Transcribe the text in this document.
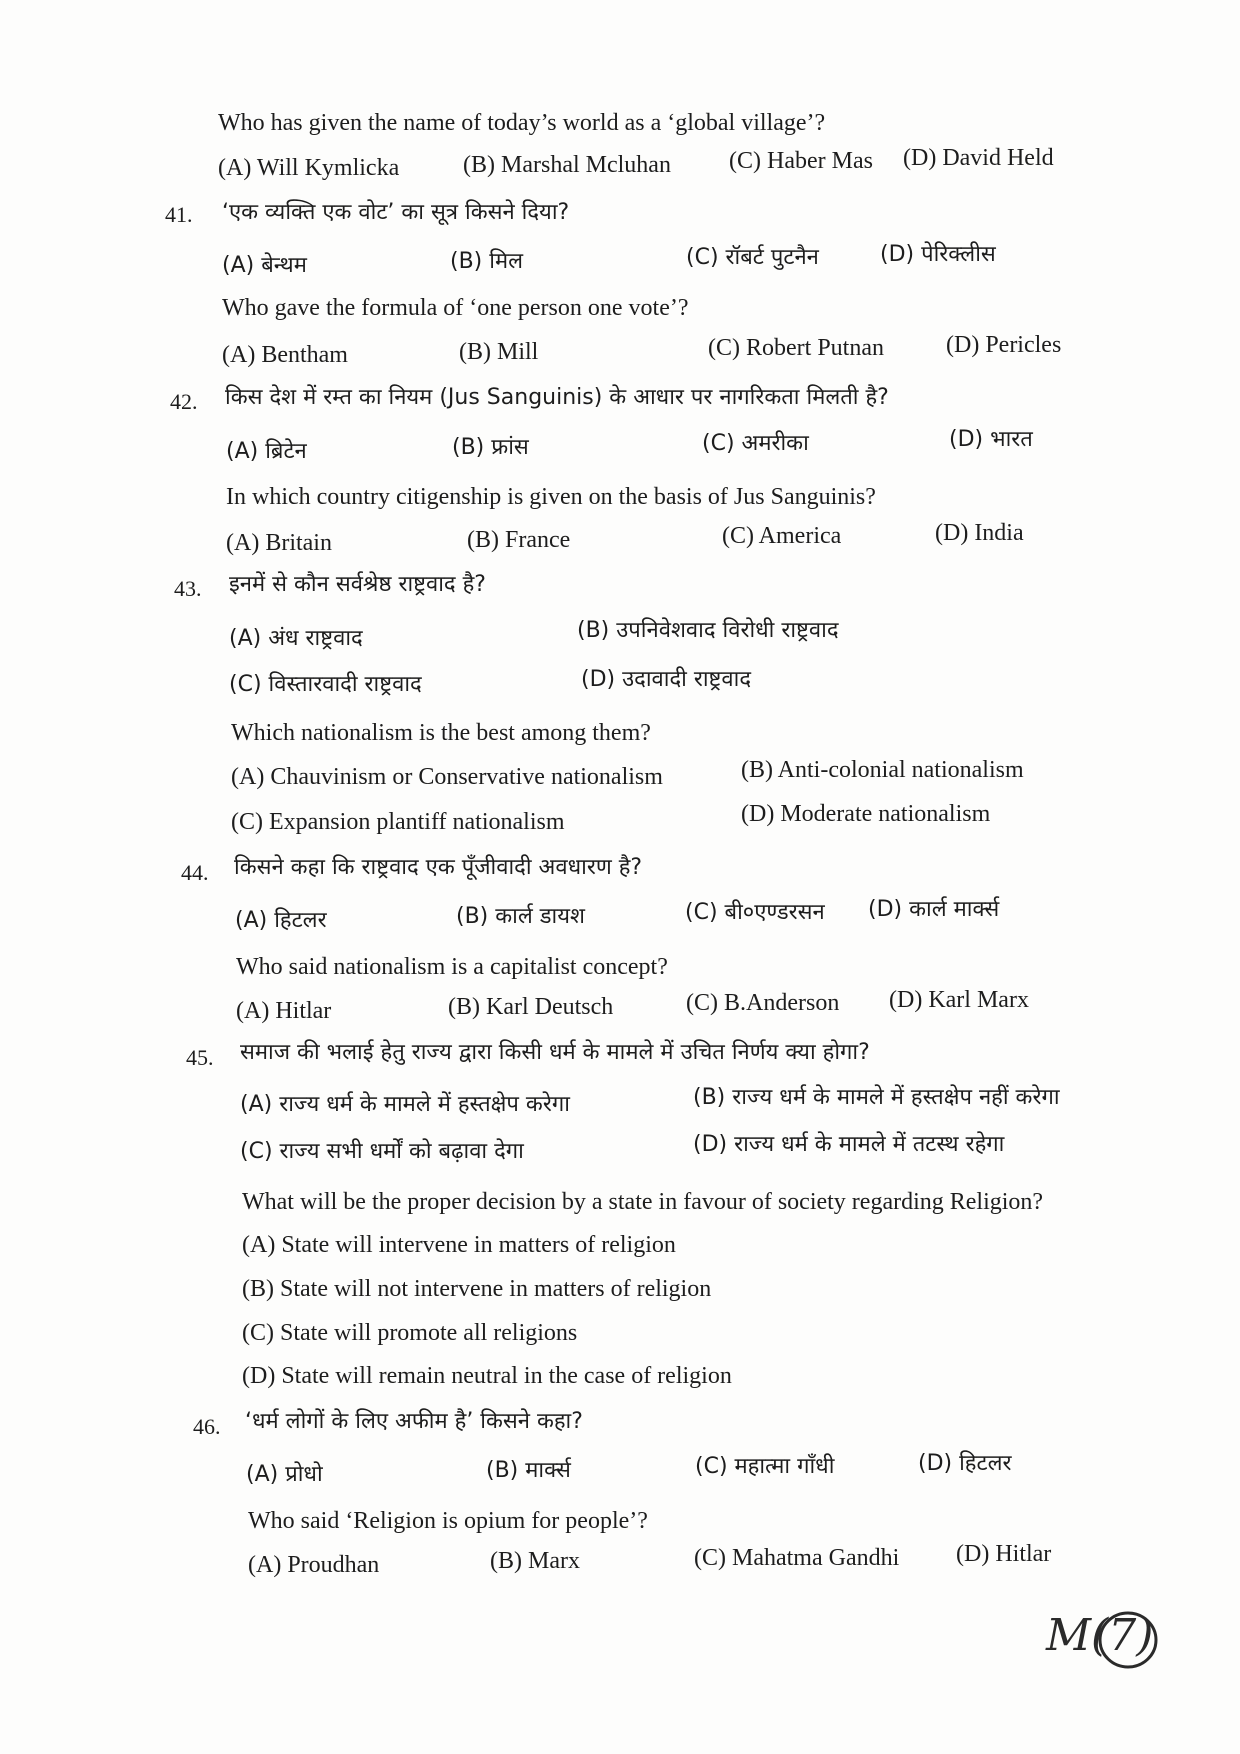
Who has given the name of today’s world as a ‘global village’?
(A) Will Kymlicka	(B) Marshal Mcluhan (C) Haber Mas (D) David Held
41. ‘एक व्यक्ति एक वोट’ का सूत्र किसने दिया?
(A) बेन्थम	(B) मिल	(C) रॉबर्ट पुटनैन	(D) पेरिक्लीस
Who gave the formula of ‘one person one vote’?
(A) Bentham	(B) Mill	(C) Robert Putnan	(D) Pericles
42. किस देश में रम्त का नियम (Jus Sanguinis) के आधार पर नागरिकता मिलती है?
(A) ब्रिटेन	(B) फ्रांस	(C) अमरीका	(D) भारत
In which country citigenship is given on the basis of Jus Sanguinis?
(A) Britain	(B) France	(C) America	(D) India
43. इनमें से कौन सर्वश्रेष्ठ राष्ट्रवाद है?
(A) अंध राष्ट्रवाद	(B) उपनिवेशवाद विरोधी राष्ट्रवाद
(C) विस्तारवादी राष्ट्रवाद	(D) उदावादी राष्ट्रवाद
Which nationalism is the best among them?
(A) Chauvinism or Conservative nationalism	(B) Anti-colonial nationalism
(C) Expansion plantiff nationalism	(D) Moderate nationalism
44. किसने कहा कि राष्ट्रवाद एक पूँजीवादी अवधारण है?
(A) हिटलर	(B) कार्ल डायश	(C) बी०एण्डरसन (D) कार्ल मार्क्स
Who said nationalism is a capitalist concept?
(A) Hitlar	(B) Karl Deutsch	(C) B.Anderson (D) Karl Marx
45. समाज की भलाई हेतु राज्य द्वारा किसी धर्म के मामले में उचित निर्णय क्या होगा?
(A) राज्य धर्म के मामले में हस्तक्षेप करेगा	(B) राज्य धर्म के मामले में हस्तक्षेप नहीं करेगा
(C) राज्य सभी धर्मों को बढ़ावा देगा	(D) राज्य धर्म के मामले में तटस्थ रहेगा
What will be the proper decision by a state in favour of society regarding Religion?
(A) State will intervene in matters of religion
(B) State will not intervene in matters of religion
(C) State will promote all religions
(D) State will remain neutral in the case of religion
46. ‘धर्म लोगों के लिए अफीम है’ किसने कहा?
(A) प्रोधो	(B) मार्क्स	(C) महात्मा गाँधी	(D) हिटलर
Who said ‘Religion is opium for people’?
(A) Proudhan	(B) Marx	(C) Mahatma Gandhi (D) Hitlar
M(7)
